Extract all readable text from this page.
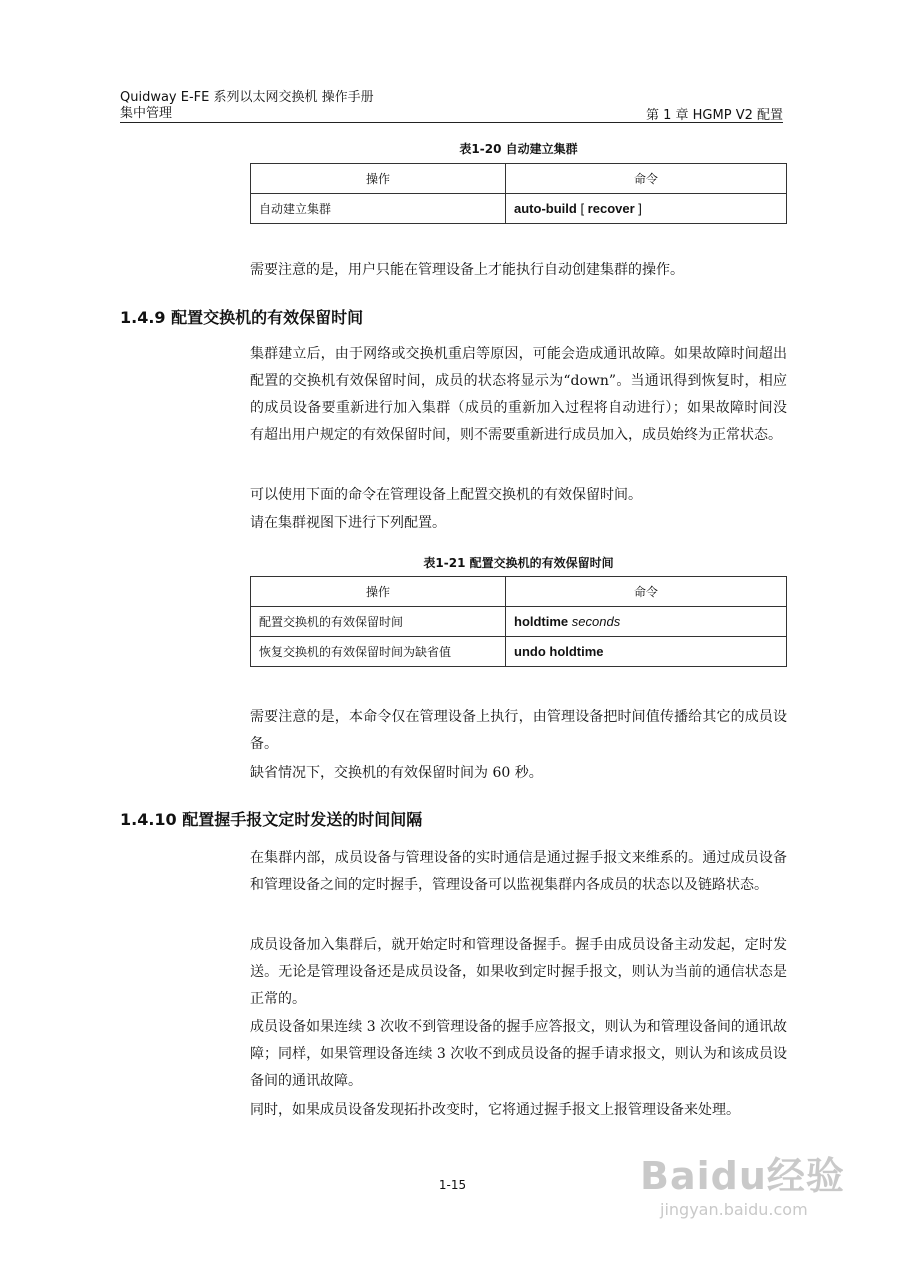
Quidway E-FE 系列以太网交换机 操作手册
集中管理	第 1 章 HGMP V2 配置
表1-20 自动建立集群
操作	命令
自动建立集群	auto-build [ recover ]

需要注意的是，用户只能在管理设备上才能执行自动创建集群的操作。

1.4.9 配置交换机的有效保留时间

集群建立后，由于网络或交换机重启等原因，可能会造成通讯故障。如果故障时间超出配置的交换机有效保留时间，成员的状态将显示为“down”。当通讯得到恢复时，相应的成员设备要重新进行加入集群（成员的重新加入过程将自动进行）；如果故障时间没有超出用户规定的有效保留时间，则不需要重新进行成员加入，成员始终为正常状态。

可以使用下面的命令在管理设备上配置交换机的有效保留时间。

请在集群视图下进行下列配置。

表1-21 配置交换机的有效保留时间
操作	命令
配置交换机的有效保留时间	holdtime seconds
恢复交换机的有效保留时间为缺省值	undo holdtime

需要注意的是，本命令仅在管理设备上执行，由管理设备把时间值传播给其它的成员设备。

缺省情况下，交换机的有效保留时间为 60 秒。

1.4.10 配置握手报文定时发送的时间间隔

在集群内部，成员设备与管理设备的实时通信是通过握手报文来维系的。通过成员设备和管理设备之间的定时握手，管理设备可以监视集群内各成员的状态以及链路状态。

成员设备加入集群后，就开始定时和管理设备握手。握手由成员设备主动发起，定时发送。无论是管理设备还是成员设备，如果收到定时握手报文，则认为当前的通信状态是正常的。

成员设备如果连续 3 次收不到管理设备的握手应答报文，则认为和管理设备间的通讯故障；同样，如果管理设备连续 3 次收不到成员设备的握手请求报文，则认为和该成员设备间的通讯故障。

同时，如果成员设备发现拓扑改变时，它将通过握手报文上报管理设备来处理。

1-15	Baidu经验
jingyan.baidu.com
